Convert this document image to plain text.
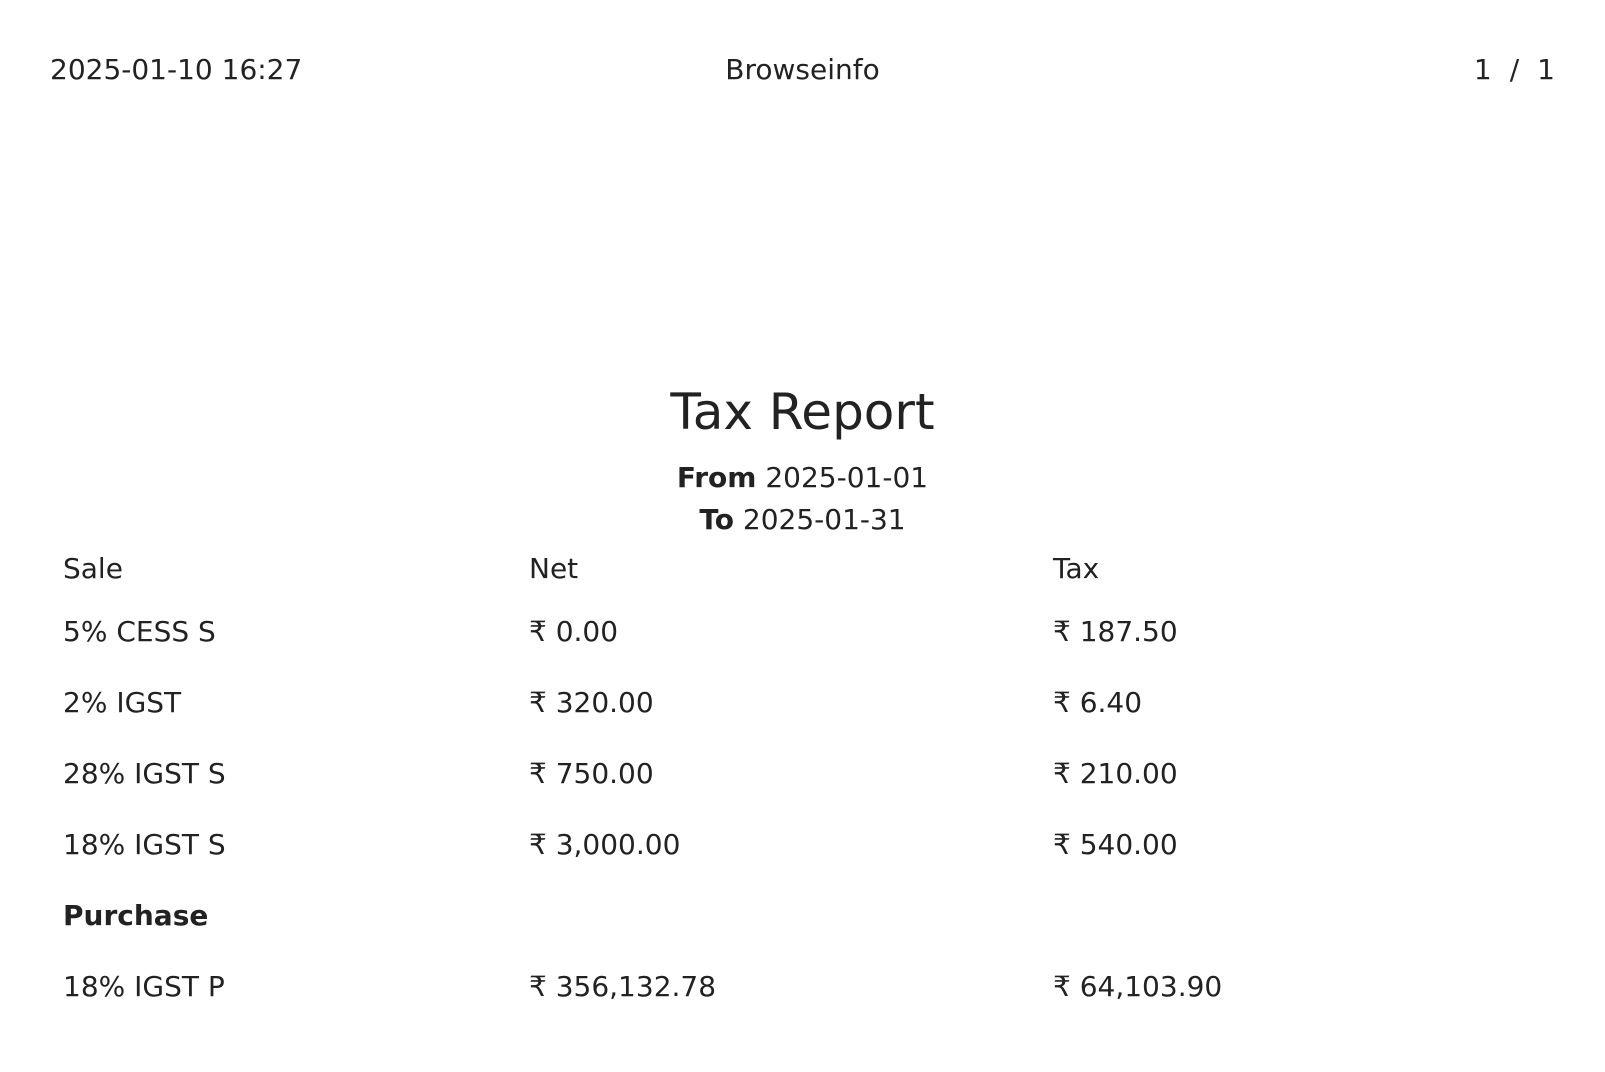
2025-01-10 16:27	Browseinfo	1 / 1
Tax Report
From 2025-01-01
To 2025-01-31
Sale	Net	Tax
5% CESS S	₹ 0.00	₹ 187.50
2% IGST	₹ 320.00	₹ 6.40
28% IGST S	₹ 750.00	₹ 210.00
18% IGST S	₹ 3,000.00	₹ 540.00
Purchase		
18% IGST P	₹ 356,132.78	₹ 64,103.90
